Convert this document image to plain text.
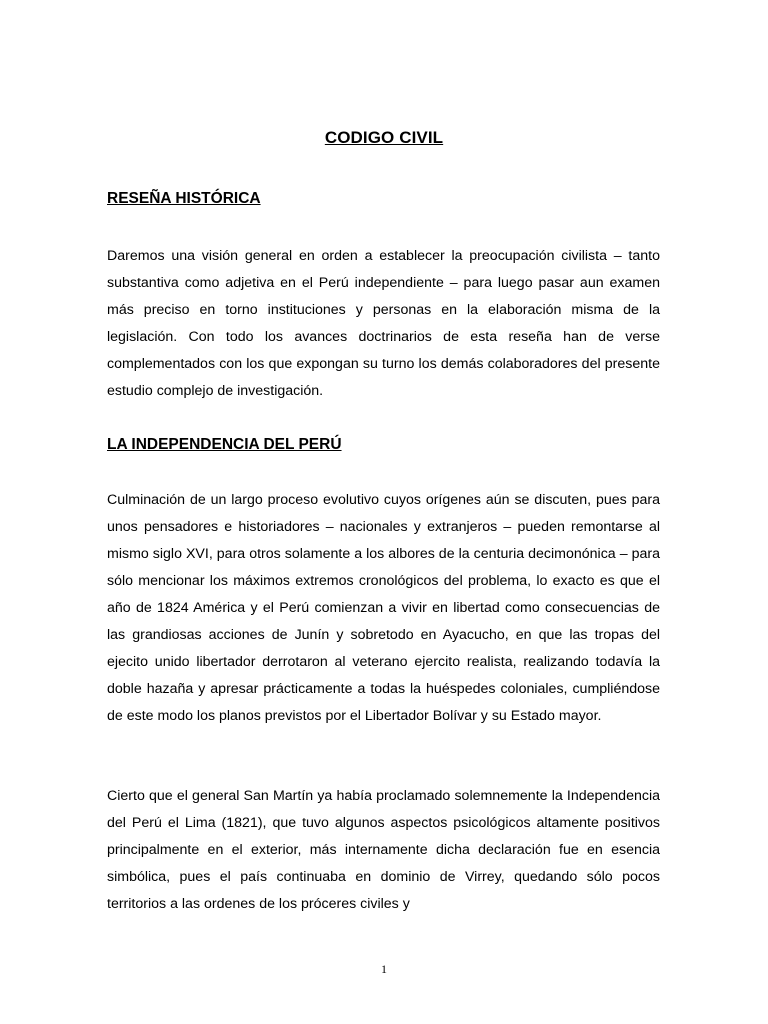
CODIGO CIVIL
RESEÑA HISTÓRICA

Daremos una visión general en orden a establecer la preocupación civilista – tanto substantiva como adjetiva en el Perú independiente – para luego pasar aun examen más preciso en torno instituciones y personas en la elaboración misma de la legislación. Con todo los avances doctrinarios de esta reseña han de verse complementados con los que expongan su turno los demás colaboradores del presente estudio complejo de investigación.

LA INDEPENDENCIA DEL PERÚ

Culminación de un largo proceso evolutivo cuyos orígenes aún se discuten, pues para unos pensadores e historiadores – nacionales y extranjeros – pueden remontarse al mismo siglo XVI, para otros solamente a los albores de la centuria decimonónica – para sólo mencionar los máximos extremos cronológicos del problema, lo exacto es que el año de 1824 América y el Perú comienzan a vivir en libertad como consecuencias de las grandiosas acciones de Junín y sobretodo en Ayacucho, en que las tropas del ejecito unido libertador derrotaron al veterano ejercito realista, realizando todavía la doble hazaña y apresar prácticamente a todas la huéspedes coloniales, cumpliéndose de este modo los planos previstos por el Libertador Bolívar y su Estado mayor.

Cierto que el general San Martín ya había proclamado solemnemente la Independencia del Perú el Lima (1821), que tuvo algunos aspectos psicológicos altamente positivos principalmente en el exterior, más internamente dicha declaración fue en esencia simbólica, pues el país continuaba en dominio de Virrey, quedando sólo pocos territorios a las ordenes de los próceres civiles y

1
